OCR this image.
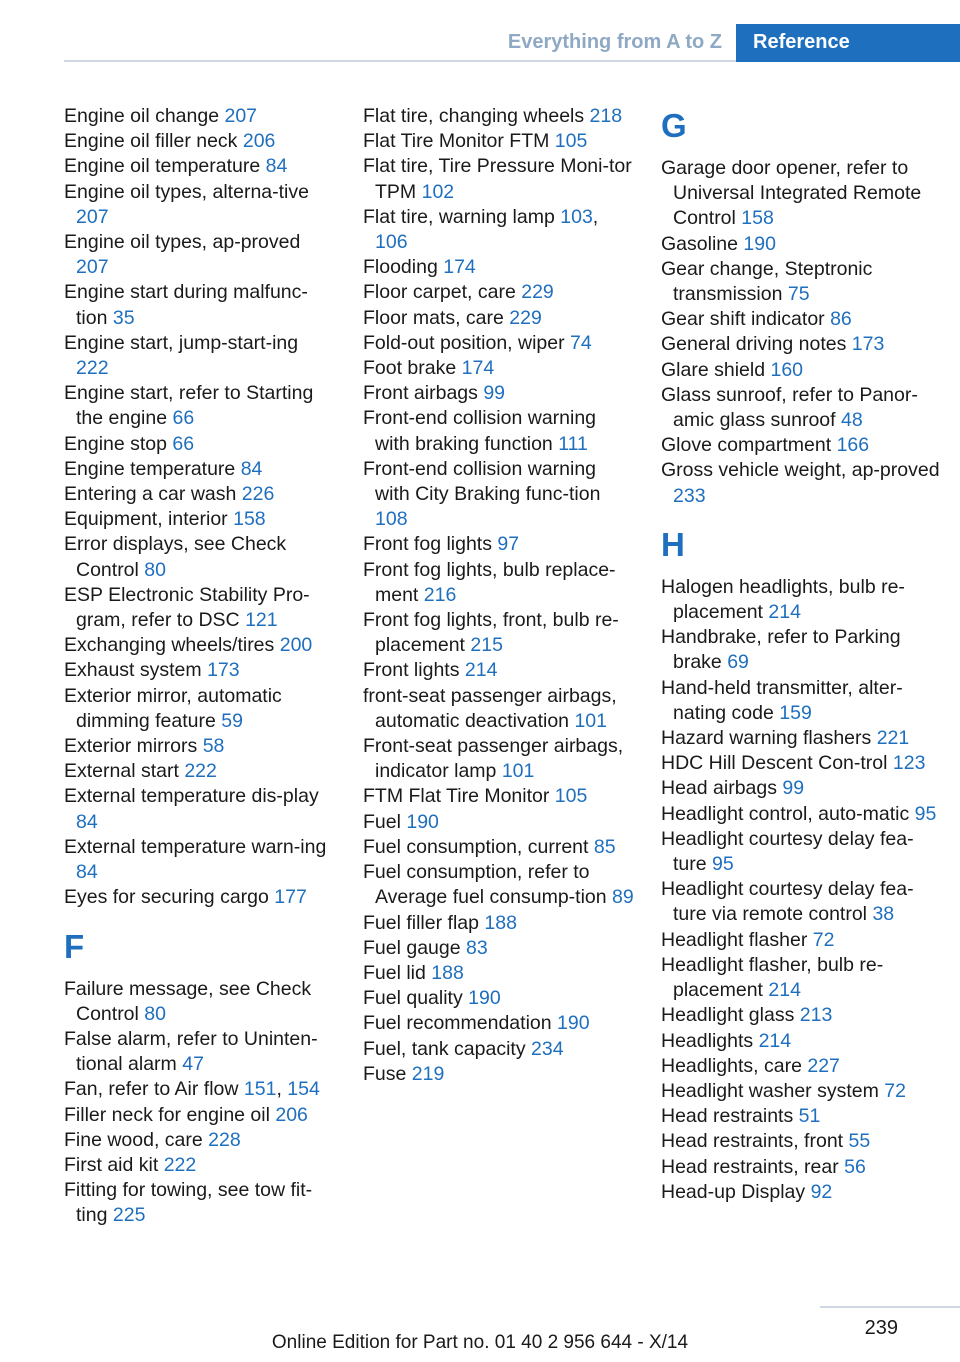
Everything from A to Z Reference
Engine oil change 207
Engine oil filler neck 206
Engine oil temperature 84
Engine oil types, alterna‐tive 207
Engine oil types, ap‐proved 207
Engine start during malfunc‐tion 35
Engine start, jump-start‐ing 222
Engine start, refer to Starting the engine 66
Engine stop 66
Engine temperature 84
Entering a car wash 226
Equipment, interior 158
Error displays, see Check Control 80
ESP Electronic Stability Pro‐gram, refer to DSC 121
Exchanging wheels/tires 200
Exhaust system 173
Exterior mirror, automatic dimming feature 59
Exterior mirrors 58
External start 222
External temperature dis‐play 84
External temperature warn‐ing 84
Eyes for securing cargo 177
F
Failure message, see Check Control 80
False alarm, refer to Uninten‐tional alarm 47
Fan, refer to Air flow 151, 154
Filler neck for engine oil 206
Fine wood, care 228
First aid kit 222
Fitting for towing, see tow fit‐ting 225
Flat tire, changing wheels 218
Flat Tire Monitor FTM 105
Flat tire, Tire Pressure Moni‐tor TPM 102
Flat tire, warning lamp 103, 106
Flooding 174
Floor carpet, care 229
Floor mats, care 229
Fold-out position, wiper 74
Foot brake 174
Front airbags 99
Front-end collision warning with braking function 111
Front-end collision warning with City Braking func‐tion 108
Front fog lights 97
Front fog lights, bulb replace‐ment 216
Front fog lights, front, bulb re‐placement 215
Front lights 214
front-seat passenger airbags, automatic deactivation 101
Front-seat passenger airbags, indicator lamp 101
FTM Flat Tire Monitor 105
Fuel 190
Fuel consumption, current 85
Fuel consumption, refer to Average fuel consump‐tion 89
Fuel filler flap 188
Fuel gauge 83
Fuel lid 188
Fuel quality 190
Fuel recommendation 190
Fuel, tank capacity 234
Fuse 219
G
Garage door opener, refer to Universal Integrated Remote Control 158
Gasoline 190
Gear change, Steptronic transmission 75
Gear shift indicator 86
General driving notes 173
Glare shield 160
Glass sunroof, refer to Panor‐amic glass sunroof 48
Glove compartment 166
Gross vehicle weight, ap‐proved 233
H
Halogen headlights, bulb re‐placement 214
Handbrake, refer to Parking brake 69
Hand-held transmitter, alter‐nating code 159
Hazard warning flashers 221
HDC Hill Descent Con‐trol 123
Head airbags 99
Headlight control, auto‐matic 95
Headlight courtesy delay fea‐ture 95
Headlight courtesy delay fea‐ture via remote control 38
Headlight flasher 72
Headlight flasher, bulb re‐placement 214
Headlight glass 213
Headlights 214
Headlights, care 227
Headlight washer system 72
Head restraints 51
Head restraints, front 55
Head restraints, rear 56
Head-up Display 92
239
Online Edition for Part no. 01 40 2 956 644 - X/14
